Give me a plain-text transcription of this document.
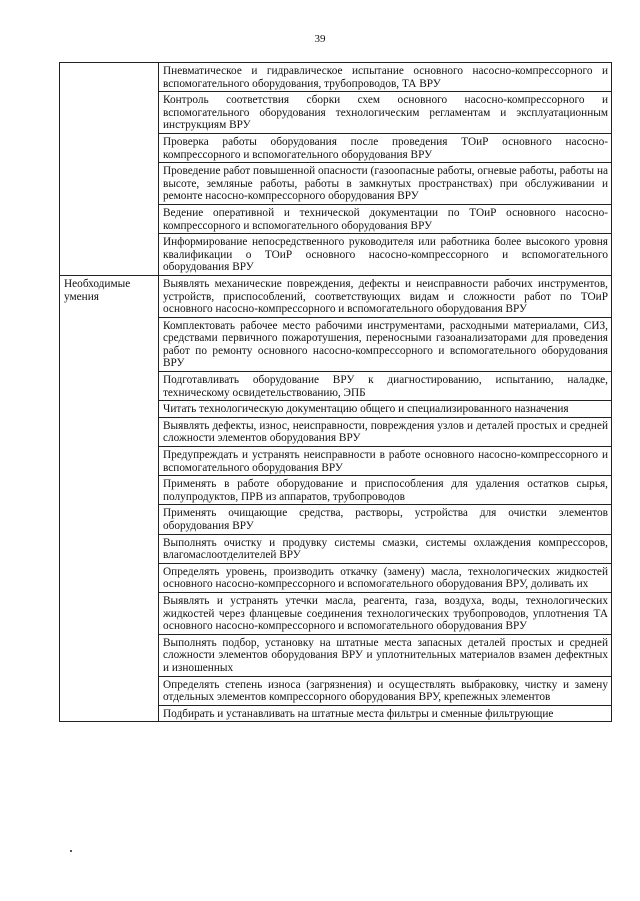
39
	Пневматическое и гидравлическое испытание основного насосно-компрессорного и вспомогательного оборудования, трубопроводов, ТА ВРУ
	Контроль соответствия сборки схем основного насосно-компрессорного и вспомогательного оборудования технологическим регламентам и эксплуатационным инструкциям ВРУ
	Проверка работы оборудования после проведения ТОиР основного насосно-компрессорного и вспомогательного оборудования ВРУ
	Проведение работ повышенной опасности (газоопасные работы, огневые работы, работы на высоте, земляные работы, работы в замкнутых пространствах) при обслуживании и ремонте насосно-компрессорного оборудования ВРУ
	Ведение оперативной и технической документации по ТОиР основного насосно-компрессорного и вспомогательного оборудования ВРУ
	Информирование непосредственного руководителя или работника более высокого уровня квалификации о ТОиР основного насосно-компрессорного и вспомогательного оборудования ВРУ
Необходимые умения	Выявлять механические повреждения, дефекты и неисправности рабочих инструментов, устройств, приспособлений, соответствующих видам и сложности работ по ТОиР основного насосно-компрессорного и вспомогательного оборудования ВРУ
	Комплектовать рабочее место рабочими инструментами, расходными материалами, СИЗ, средствами первичного пожаротушения, переносными газоанализаторами для проведения работ по ремонту основного насосно-компрессорного и вспомогательного оборудования ВРУ
	Подготавливать оборудование ВРУ к диагностированию, испытанию, наладке, техническому освидетельствованию, ЭПБ
	Читать технологическую документацию общего и специализированного назначения
	Выявлять дефекты, износ, неисправности, повреждения узлов и деталей простых и средней сложности элементов оборудования ВРУ
	Предупреждать и устранять неисправности в работе основного насосно-компрессорного и вспомогательного оборудования ВРУ
	Применять в работе оборудование и приспособления для удаления остатков сырья, полупродуктов, ПРВ из аппаратов, трубопроводов
	Применять очищающие средства, растворы, устройства для очистки элементов оборудования ВРУ
	Выполнять очистку и продувку системы смазки, системы охлаждения компрессоров, влагомаслоотделителей ВРУ
	Определять уровень, производить откачку (замену) масла, технологических жидкостей основного насосно-компрессорного и вспомогательного оборудования ВРУ, доливать их
	Выявлять и устранять утечки масла, реагента, газа, воздуха, воды, технологических жидкостей через фланцевые соединения технологических трубопроводов, уплотнения ТА основного насосно-компрессорного и вспомогательного оборудования ВРУ
	Выполнять подбор, установку на штатные места запасных деталей простых и средней сложности элементов оборудования ВРУ и уплотнительных материалов взамен дефектных и изношенных
	Определять степень износа (загрязнения) и осуществлять выбраковку, чистку и замену отдельных элементов компрессорного оборудования ВРУ, крепежных элементов
	Подбирать и устанавливать на штатные места фильтры и сменные фильтрующие
